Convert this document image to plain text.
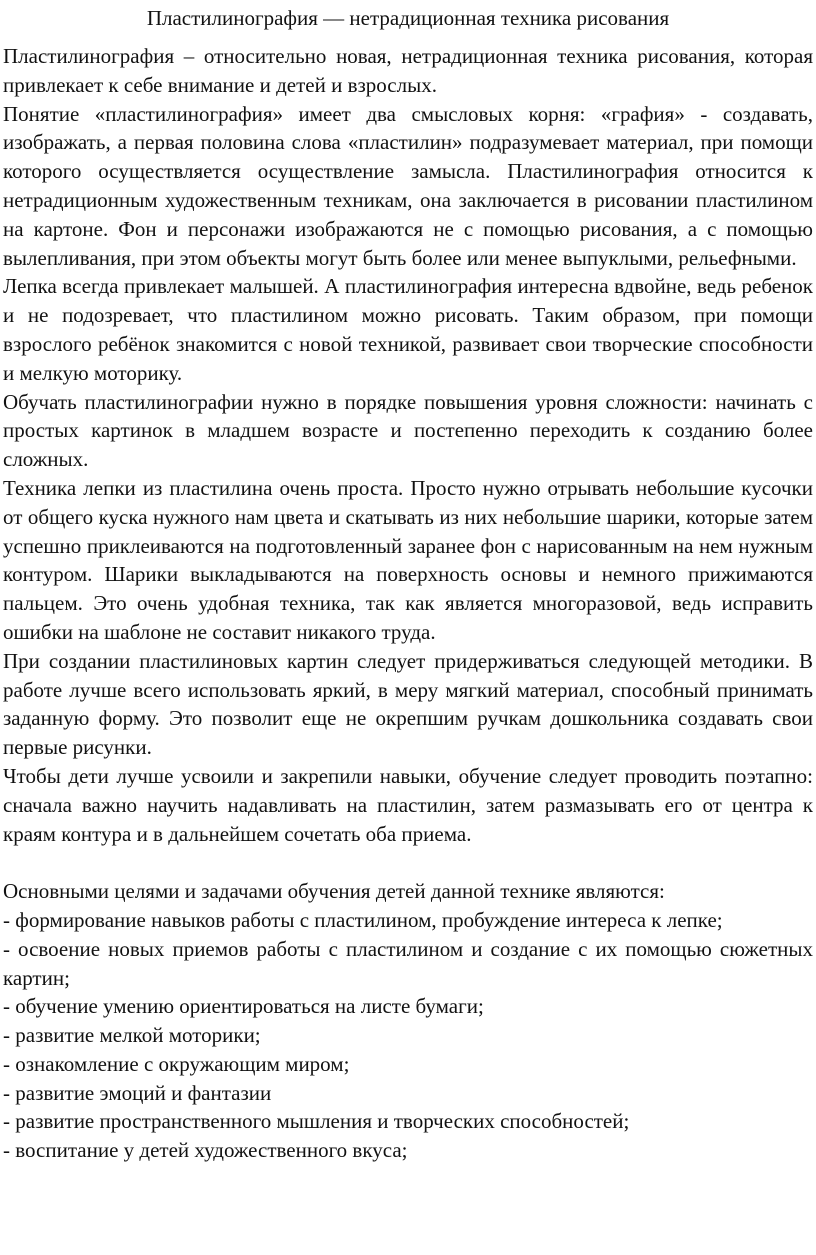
Пластилинография — нетрадиционная техника рисования

Пластилинография – относительно новая, нетрадиционная техника рисования, которая привлекает к себе внимание и детей и взрослых.

Понятие «пластилинография» имеет два смысловых корня: «графия» - создавать, изображать, а первая половина слова «пластилин» подразумевает материал, при помощи которого осуществляется осуществление замысла. Пластилинография относится к нетрадиционным художественным техникам, она заключается в рисовании пластилином на картоне. Фон и персонажи изображаются не с помощью рисования, а с помощью вылепливания, при этом объекты могут быть более или менее выпуклыми, рельефными.

Лепка всегда привлекает малышей. А пластилинография интересна вдвойне, ведь ребенок и не подозревает, что пластилином можно рисовать. Таким образом, при помощи взрослого ребёнок знакомится с новой техникой, развивает свои творческие способности и мелкую моторику.

Обучать пластилинографии нужно в порядке повышения уровня сложности: начинать с простых картинок в младшем возрасте и постепенно переходить к созданию более сложных.

Техника лепки из пластилина очень проста. Просто нужно отрывать небольшие кусочки от общего куска нужного нам цвета и скатывать из них небольшие шарики, которые затем успешно приклеиваются на подготовленный заранее фон с нарисованным на нем нужным контуром. Шарики выкладываются на поверхность основы и немного прижимаются пальцем. Это очень удобная техника, так как является многоразовой, ведь исправить ошибки на шаблоне не составит никакого труда.

При создании пластилиновых картин следует придерживаться следующей методики. В работе лучше всего использовать яркий, в меру мягкий материал, способный принимать заданную форму. Это позволит еще не окрепшим ручкам дошкольника создавать свои первые рисунки.

Чтобы дети лучше усвоили и закрепили навыки, обучение следует проводить поэтапно: сначала важно научить надавливать на пластилин, затем размазывать его от центра к краям контура и в дальнейшем сочетать оба приема.

Основными целями и задачами обучения детей данной технике являются:

- формирование навыков работы с пластилином, пробуждение интереса к лепке;
- освоение новых приемов работы с пластилином и создание с их помощью сюжетных картин;
- обучение умению ориентироваться на листе бумаги;
- развитие мелкой моторики;
- ознакомление с окружающим миром;
- развитие эмоций и фантазии
- развитие пространственного мышления и творческих способностей;
- воспитание у детей художественного вкуса;
